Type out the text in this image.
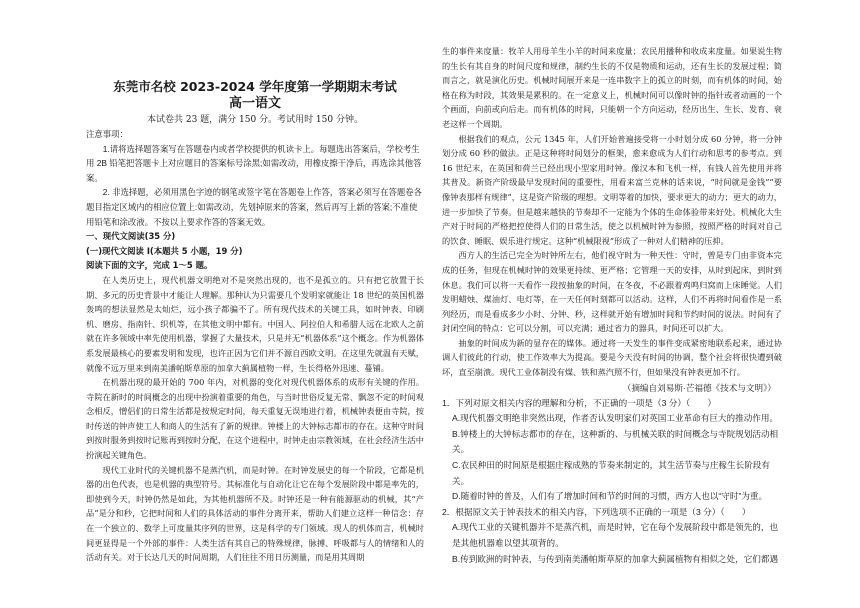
东莞市名校 2023-2024 学年度第一学期期末考试
高一语文
本试卷共 23 题，满分 150 分。考试用时 150 分钟。
注意事项：
1.请将选择题答案写在答题卷内或者学校提供的机读卡上。每题选出答案后，学校考生用 2B 铅笔把答题卡上对应题目的答案标号涂黑;如需改动，用橡皮擦干净后，再选涂其他答案。
2. 非选择题，必须用黑色字迹的钢笔或签字笔在答题卷上作答，答案必须写在答题卷各题目指定区域内的相应位置上:如需改动，先划掉原来的答案，然后再写上新的答案;不准使用铅笔和涂改液。不按以上要求作答的答案无效。
一、现代文阅读(35 分)
(一)现代文阅读 I(本题共 5 小题，19 分)
阅读下面的文字，完成 1～5 题。
在人类历史上，现代机器文明绝对不是突然出现的，也不是孤立的。只有把它放置于长期、多元的历史背景中才能让人理解。那种认为只需要几个发明家就能让 18 世纪的英国机器轰鸣的想法显然是太灿烂，远小孩子都骗不了。所有现代技术的关键工具，如时钟表、印刷机、磨房、指南针、织机等，在其他文明中都有。中国人、阿拉伯人和希腊人远在北欧人之前就在许多领域中率先使用机器，掌握了大量技术，只是并无“机器体系”这个概念。作为机器体系发展最核心的要素发明和发现，也许正因为它们并不源自西欧文明。在这里先就温有天赋，就像不远万里来到南美潘帕斯草原的加拿大蓟属植物一样，生长得格外迅速、蔓铺。
在机器出现的最开始的 700 年内，对机器的变化对现代机器体系的成形有关键的作用。寺院在新时的时间概念的出现中扮演着重要的角色，与当时世俗反复无常、飘忽不定的时间观念相反，憎侣们的日常生活都是按规定时间，每天重复无误地进行着，机械钟表便由寺院，按时传送的钟声使工人和商人的生活有了新的规律。钟楼上的大钟标志都市的存在。这种守时间到按时服务到按时记账再到按时分配，在这个进程中，时钟走由宗教领域，在社会经济生活中扮演起关键角色。
现代工业时代的关键机器不是蒸汽机，而是时钟。在时钟发展史的每一个阶段，它都是机器的出色代表，也是机器的典型符号。其标准化与自动化让它在每个发展阶段中都是率先的，即使到今天，时钟仍然是如此，为其他机器所不及。时钟还是一种有能源驱动的机械，其“产品”是分和秒，它把时间和人们的具体活动的事件分离开来，帮助人们建立这样一种信念：存在一个独立的、数学上可度量其序列的世界，这是科学的专门领域。现人的机体而言，机械时间更显得是一个外部的事件：人类生活有其自己的特殊规律，脉搏、呼吸都与人的情绪和人的活动有关。对于长达几天的时间周期，人们往往不用日历测量，而是用其周期
生的事件来度量：牧羊人用母羊生小羊的时间来度量；农民用播种和收成来度量。如果说生物的生长有其自身的时间尺度和规律，制约生长的不仅是物质和运动，还有生长的发展过程；简而言之，就是演化历史。机械时间展开来是一连串数字上的孤立的时刻，而有机体的时间，始格在称为时段，其效果是累积的。在一定意义上，机械时间可以像时钟的指针或者动画的一个个画面，向前或向后走。而有机体的时间，只能朝一个方向运动，经历出生、生长、发育、衰老这样一个周期。
根据我们的观点，公元 1345 年，人们开始普遍接受将一小时划分成 60 分钟，将一分钟划分成 60 秒的做法。正是这种将时间划分的框架，愈来愈成为人们行动和思考的参考点。到 16 世纪末，在英国和荷兰已经出现小型家用时钟。像汉本和飞机一样，有钱人首先使用并将其普及。新资产阶级最早发现时间的重要性，用看来富兰克林的话来说，“时间就是金钱”“要像钟表那样有规律”，这是资产阶级的理想。文明等着的加快，要求更大的动力；更大的动力，进一步加快了节奏。但是越来越快的节奏却不一定能为个体的生命体验带来好处。机械化大生产对于时间的严格把控使得人们的日常生活，使之以机械时钟为参照，按照严格的时间对自己的饮食、睡眠、娱乐进行规定。这种“机械限视”形成了一种对人们精神的压抑。
西方人的生活已完全为时钟所左右，他们视守时为一种天性：守时，曾是专门由非资本完成的任务，但现在机械时钟的效果更持续、更严格；它管理一天的安排，从时到起床，到时到休息。我们可以将一天看作一段按抽象的时间，在冬夜，不必跟着鸡鸣归窝而上床睡觉。人们发明蜡烛、煤油灯、电灯等，在一天任何时刻都可以活动。这样，人们不再将时间看作是一系列经历，而是看成多少小时、分钟、秒，这样就开始有增加时间和节约时间的说法。时间有了封闭空间的特点：它可以分割，可以充满；通过省力的器具，时间还可以扩大。
抽象的时间成为新的显存在的媒体。通过将一天发生的事件变成紧密地联系起来，通过协调人们彼此的行动，使工作效率大为提高。要是今天没有时间的协调，整个社会将很快遭到破坏，直至崩溃。现代工业体制没有煤、铁和蒸汽照不行，但如果没有钟表更加不行。
（摘编自刘易斯·芒福德《技术与文明》）
1．下列对原文相关内容的理解和分析，不正确的一项是（3 分）（　　）
A.现代机器文明绝非突然出现，作者否认发明家们对英国工业革命有巨大的推动作用。
B.钟楼上的大钟标志都市的存在，这种新的、与机械关联的时间概念与寺院规划活动相关。
C.农民种田的时间原是根据庄稼成熟的节奏来制定的，其生活节奏与庄稼生长阶段有关。
D.随着时钟的普及，人们有了增加时间和节约时间的习惯，西方人也以“守时”为重。
2．根据原文关于钟表技术的相关内容，下列选项不正确的一项是（3 分）（　　）
A.现代工业的关键机器并不是蒸汽机，而是时钟，它在每个发展阶段中都是领先的，也是其他机器难以望其项背的。
B.传到欧洲的时钟表，与传到南美潘帕斯草原的加拿大蓟属植物有相似之处，它们都遇
